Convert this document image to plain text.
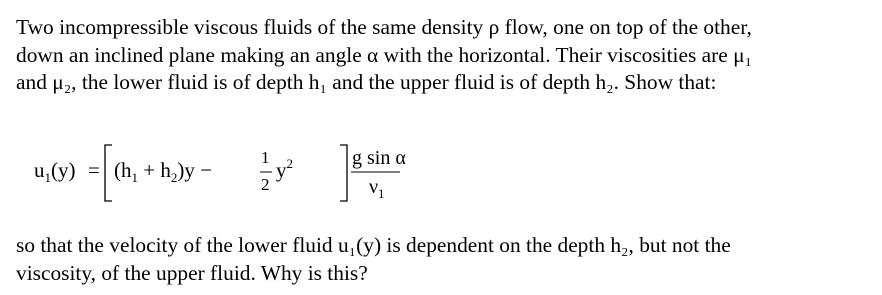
Two incompressible viscous fluids of the same density ρ flow, one on top of the other,
down an inclined plane making an angle α with the horizontal. Their viscosities are μ₁
and μ₂, the lower fluid is of depth h₁ and the upper fluid is of depth h₂. Show that:

$u_1(y) = (h_1 + h_2)y$ −
1
2
$y^2$	g sin α
$\nu_1$

so that the velocity of the lower fluid u₁(y) is dependent on the depth h₂, but not the
viscosity, of the upper fluid. Why is this?
